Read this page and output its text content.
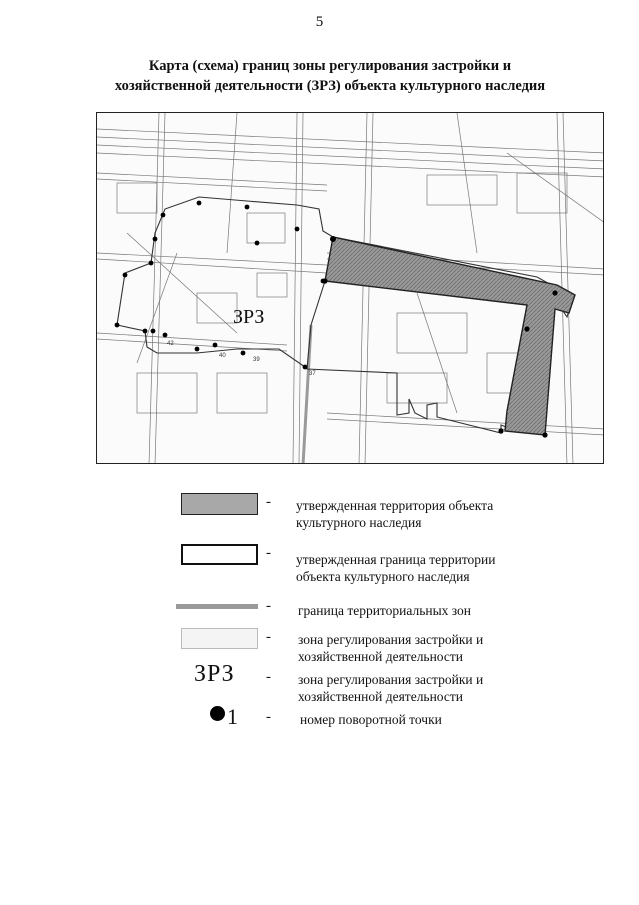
5
Карта (схема) границ зоны регулирования застройки и
хозяйственной деятельности (ЗРЗ) объекта культурного наследия
ЗРЗ
37
39
40
42
- утвержденная территория объекта культурного наследия
- утвержденная граница территории объекта культурного наследия
- граница территориальных зон
- зона регулирования застройки и хозяйственной деятельности
ЗРЗ - зона регулирования застройки и хозяйственной деятельности
1 - номер поворотной точки
